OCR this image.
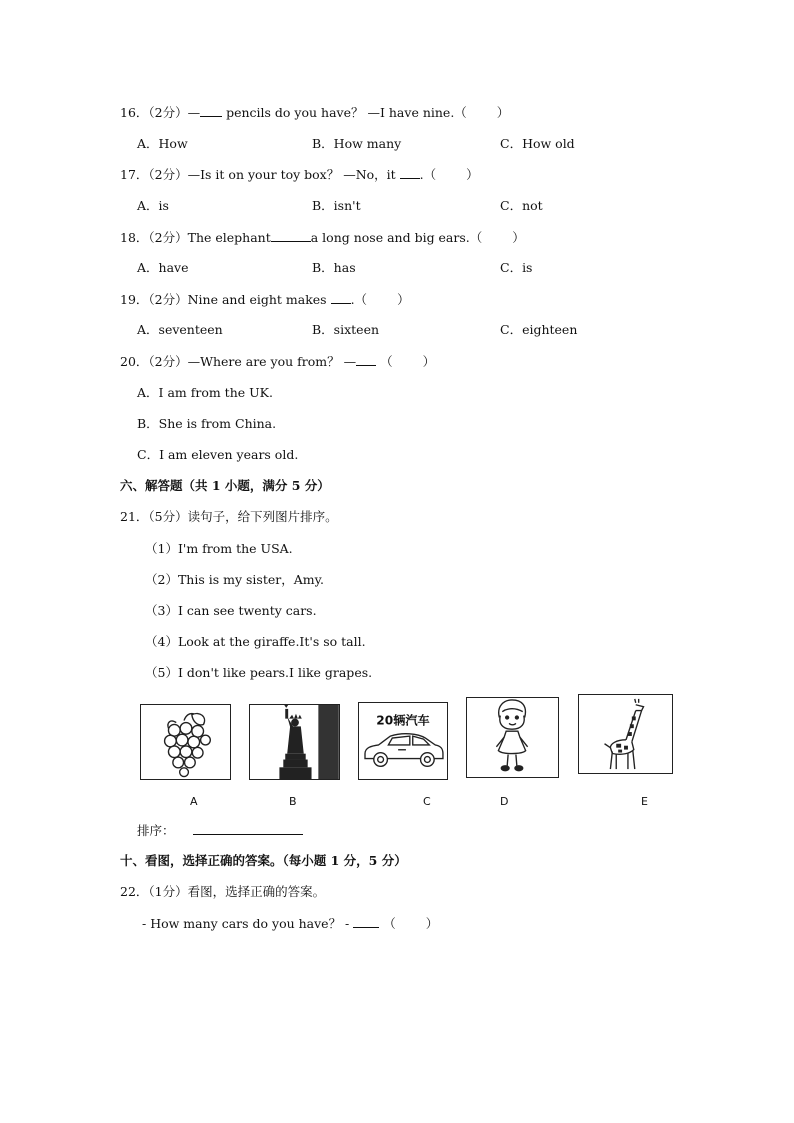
16．（2分）— pencils do you have？ —I have nine.（ ）
A．How	B．How many	C．How old
17．（2分）—Is it on your toy box？ —No，it .（ ）
A．is	B．isn't	C．not
18．（2分）The elephant	a long nose and big ears.（ ）
A．have	B．has	C．is
19．（2分）Nine and eight makes .（ ）
A．seventeen	B．sixteen	C．eighteen
20．（2分）—Where are you from？ — （ ）
A．I am from the UK.
B．She is from China.
C．I am eleven years old.
六、解答题（共 1 小题，满分 5 分）
21．（5分）读句子，给下列图片排序。
（1）I'm from the USA.
（2）This is my sister，Amy.
（3）I can see twenty cars.
（4）Look at the giraffe.It's so tall.
（5）I don't like pears.I like grapes.
20辆汽车
A	B	C	D	E
排序：
十、看图，选择正确的答案。（每小题 1 分，5 分）
22．（1分）看图，选择正确的答案。
- How many cars do you have？ -	（ ）
